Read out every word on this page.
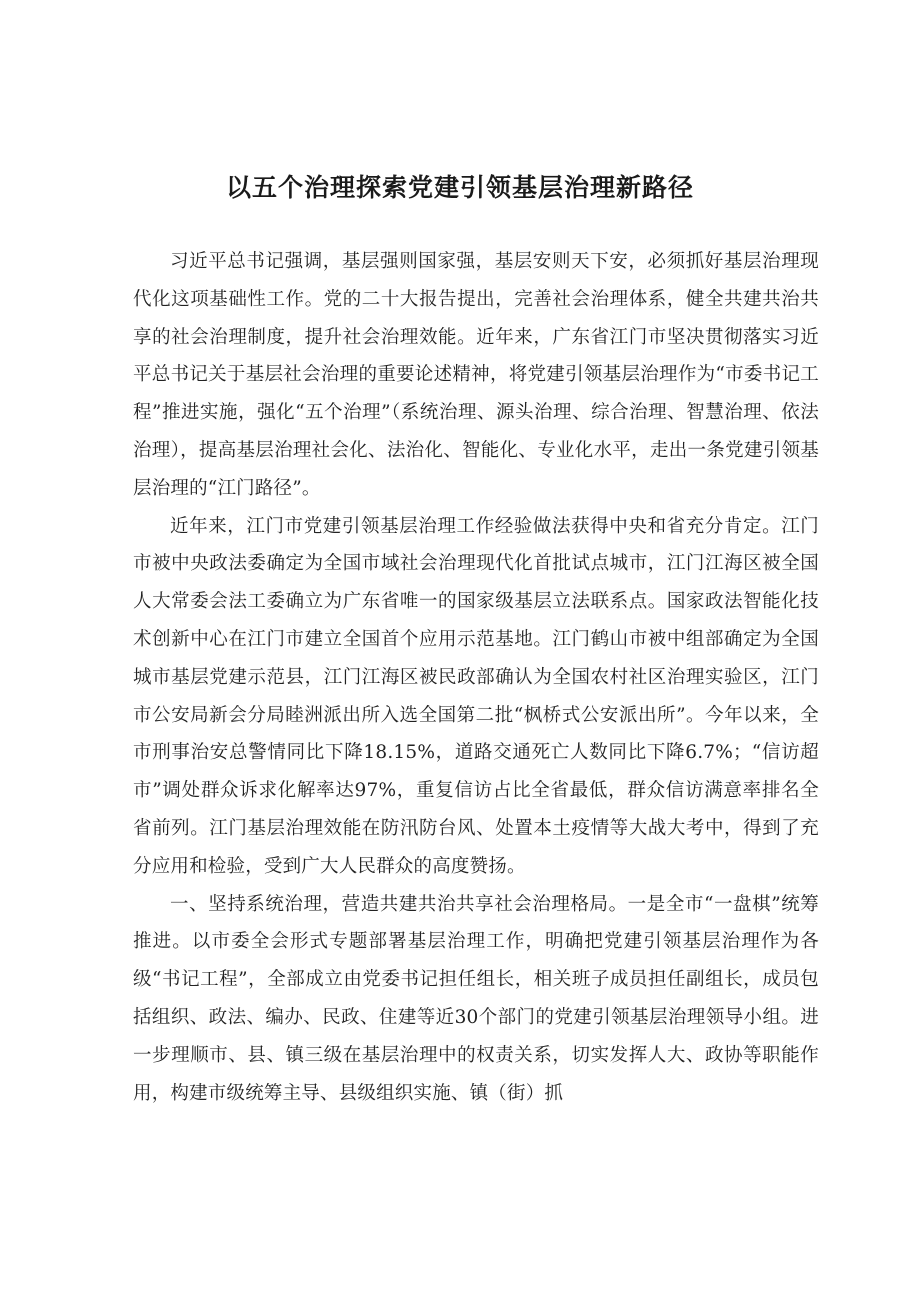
以五个治理探索党建引领基层治理新路径

习近平总书记强调，基层强则国家强，基层安则天下安，必须抓好基层治理现代化这项基础性工作。党的二十大报告提出，完善社会治理体系，健全共建共治共享的社会治理制度，提升社会治理效能。近年来，广东省江门市坚决贯彻落实习近平总书记关于基层社会治理的重要论述精神，将党建引领基层治理作为“市委书记工程”推进实施，强化“五个治理”（系统治理、源头治理、综合治理、智慧治理、依法治理），提高基层治理社会化、法治化、智能化、专业化水平，走出一条党建引领基层治理的“江门路径”。

近年来，江门市党建引领基层治理工作经验做法获得中央和省充分肯定。江门市被中央政法委确定为全国市域社会治理现代化首批试点城市，江门江海区被全国人大常委会法工委确立为广东省唯一的国家级基层立法联系点。国家政法智能化技术创新中心在江门市建立全国首个应用示范基地。江门鹤山市被中组部确定为全国城市基层党建示范县，江门江海区被民政部确认为全国农村社区治理实验区，江门市公安局新会分局睦洲派出所入选全国第二批“枫桥式公安派出所”。今年以来，全市刑事治安总警情同比下降18.15%，道路交通死亡人数同比下降6.7%；“信访超市”调处群众诉求化解率达97%，重复信访占比全省最低，群众信访满意率排名全省前列。江门基层治理效能在防汛防台风、处置本土疫情等大战大考中，得到了充分应用和检验，受到广大人民群众的高度赞扬。

一、坚持系统治理，营造共建共治共享社会治理格局。一是全市“一盘棋”统筹推进。以市委全会形式专题部署基层治理工作，明确把党建引领基层治理作为各级“书记工程”，全部成立由党委书记担任组长，相关班子成员担任副组长，成员包括组织、政法、编办、民政、住建等近30个部门的党建引领基层治理领导小组。进一步理顺市、县、镇三级在基层治理中的权责关系，切实发挥人大、政协等职能作用，构建市级统筹主导、县级组织实施、镇（街）抓
